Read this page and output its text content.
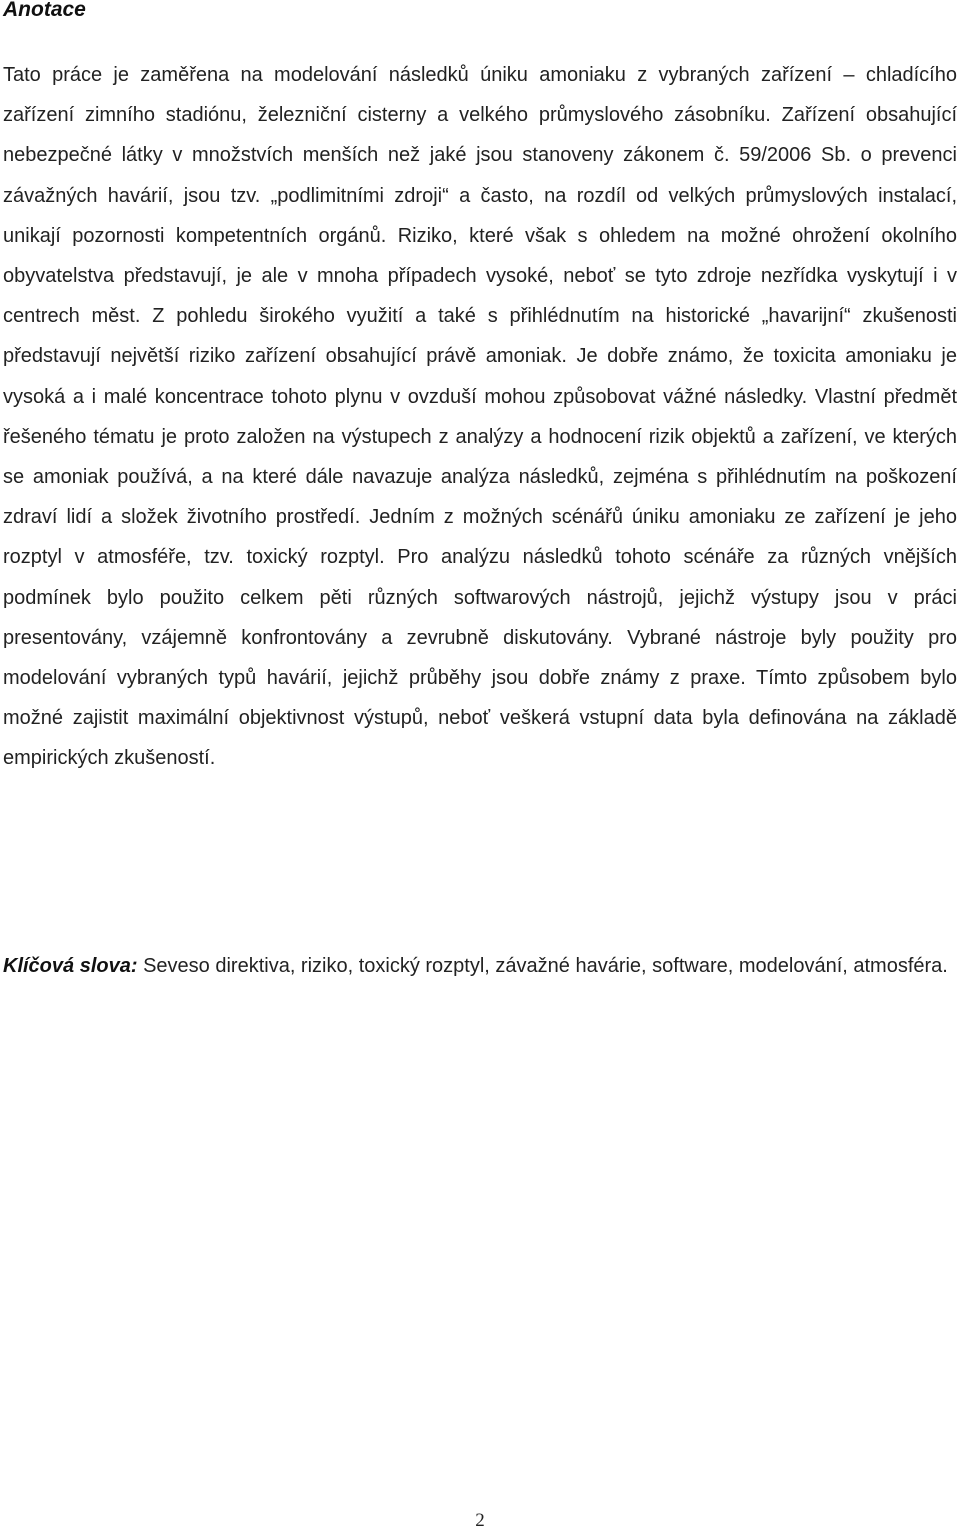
Anotace

Tato práce je zaměřena na modelování následků úniku amoniaku z vybraných zařízení – chladícího zařízení zimního stadiónu, železniční cisterny a velkého průmyslového zásobníku. Zařízení obsahující nebezpečné látky v množstvích menších než jaké jsou stanoveny zákonem č. 59/2006 Sb. o prevenci závažných havárií, jsou tzv. „podlimitními zdroji“ a často, na rozdíl od velkých průmyslových instalací, unikají pozornosti kompetentních orgánů. Riziko, které však s ohledem na možné ohrožení okolního obyvatelstva představují, je ale v mnoha případech vysoké, neboť se tyto zdroje nezřídka vyskytují i v centrech měst. Z pohledu širokého využití a také s přihlédnutím na historické „havarijní“ zkušenosti představují největší riziko zařízení obsahující právě amoniak. Je dobře známo, že toxicita amoniaku je vysoká a i malé koncentrace tohoto plynu v ovzduší mohou způsobovat vážné následky. Vlastní předmět řešeného tématu je proto založen na výstupech z analýzy a hodnocení rizik objektů a zařízení, ve kterých se amoniak používá, a na které dále navazuje analýza následků, zejména s přihlédnutím na poškození zdraví lidí a složek životního prostředí. Jedním z možných scénářů úniku amoniaku ze zařízení je jeho rozptyl v atmosféře, tzv. toxický rozptyl. Pro analýzu následků tohoto scénáře za různých vnějších podmínek bylo použito celkem pěti různých softwarových nástrojů, jejichž výstupy jsou v práci presentovány, vzájemně konfrontovány a zevrubně diskutovány. Vybrané nástroje byly použity pro modelování vybraných typů havárií, jejichž průběhy jsou dobře známy z praxe. Tímto způsobem bylo možné zajistit maximální objektivnost výstupů, neboť veškerá vstupní data byla definována na základě empirických zkušeností.

Klíčová slova: Seveso direktiva, riziko, toxický rozptyl, závažné havárie, software, modelování, atmosféra.

2
